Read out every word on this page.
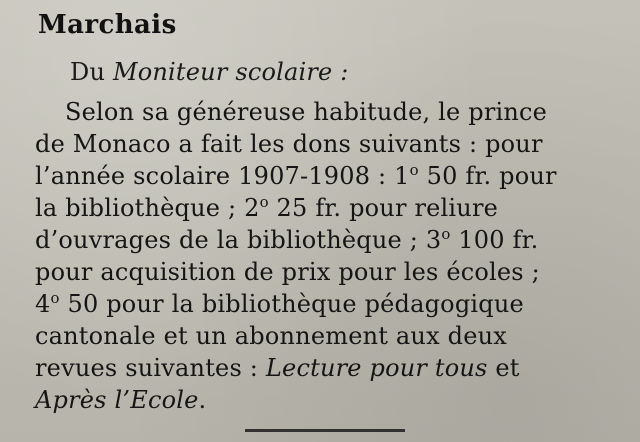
Marchais
Du Moniteur scolaire :
Selon sa généreuse habitude, le prince
de Monaco a fait les dons suivants : pour
l’année scolaire 1907-1908 : 1$^o$ 50 fr. pour
la bibliothèque ; 2$^o$ 25 fr. pour reliure
d’ouvrages de la bibliothèque ; 3$^o$ 100 fr.
pour acquisition de prix pour les écoles ;
4$^o$ 50 pour la bibliothèque pédagogique
cantonale et un abonnement aux deux
revues suivantes : Lecture pour tous et
Après l’Ecole.
